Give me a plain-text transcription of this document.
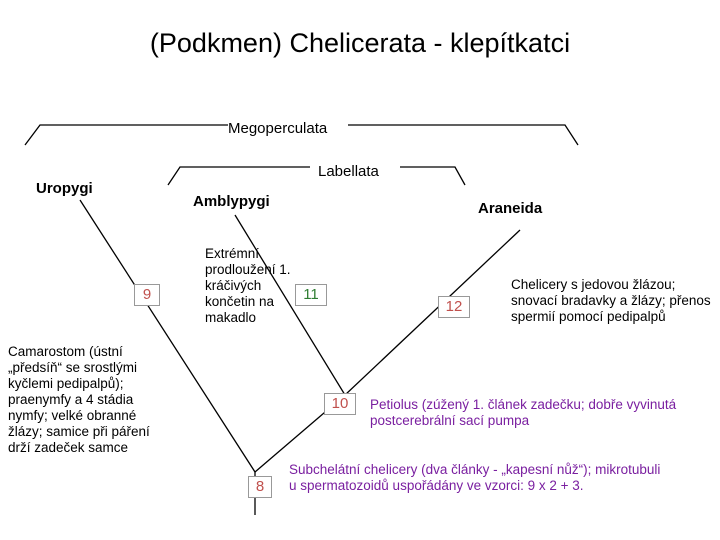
(Podkmen) Chelicerata - klepítkatci
Megoperculata
Labellata
Uropygi
Amblypygi	Araneida
9
Camarostom (ústní „předsíň“ se srostlými kyčlemi pedipalpů); praenymfy a 4 stádia nymfy; velké obranné žlázy; samice při páření drží zadeček samce
Extrémní prodloužení 1. kráčivých končetin na makadlo
11
12
Chelicery s jedovou žlázou; snovací bradavky a žlázy; přenos spermií pomocí pedipalpů
10	Petiolus (zúžený 1. článek zadečku; dobře vyvinutá postcerebrální sací pumpa
8
Subchelátní chelicery (dva články - „kapesní nůž“); mikrotubuli u spermatozoidů uspořádány ve vzorci: 9 x 2 + 3.
